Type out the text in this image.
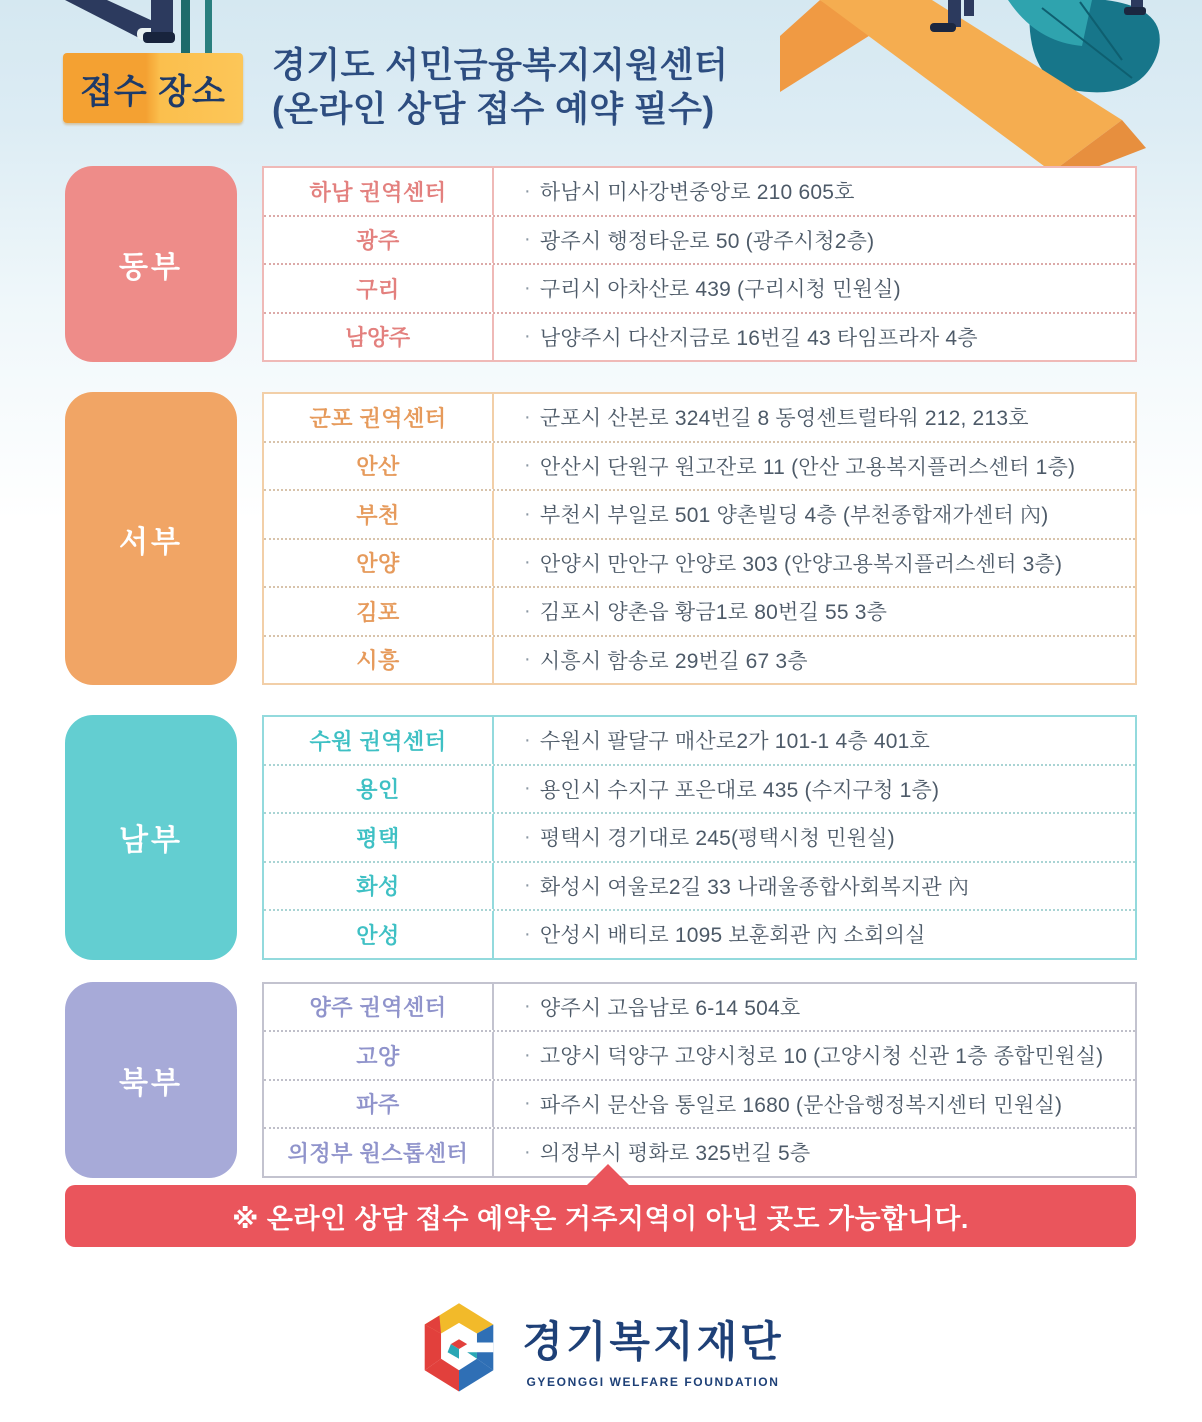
접수 장소
경기도 서민금융복지지원센터
(온라인 상담 접수 예약 필수)
동부
하남 권역센터	· 하남시 미사강변중앙로 210 605호
광주	· 광주시 행정타운로 50 (광주시청2층)
구리	· 구리시 아차산로 439 (구리시청 민원실)
남양주	· 남양주시 다산지금로 16번길 43 타임프라자 4층
서부
군포 권역센터	· 군포시 산본로 324번길 8 동영센트럴타워 212, 213호
안산	· 안산시 단원구 원고잔로 11 (안산 고용복지플러스센터 1층)
부천	· 부천시 부일로 501 양촌빌딩 4층 (부천종합재가센터 內)
안양	· 안양시 만안구 안양로 303 (안양고용복지플러스센터 3층)
김포	· 김포시 양촌읍 황금1로 80번길 55 3층
시흥	· 시흥시 함송로 29번길 67 3층
남부
수원 권역센터	· 수원시 팔달구 매산로2가 101-1 4층 401호
용인	· 용인시 수지구 포은대로 435 (수지구청 1층)
평택	· 평택시 경기대로 245(평택시청 민원실)
화성	· 화성시 여울로2길 33 나래울종합사회복지관 內
안성	· 안성시 배티로 1095 보훈회관 內 소회의실
북부
양주 권역센터	· 양주시 고읍남로 6-14 504호
고양	· 고양시 덕양구 고양시청로 10 (고양시청 신관 1층 종합민원실)
파주	· 파주시 문산읍 통일로 1680 (문산읍행정복지센터 민원실)
의정부 원스톱센터	· 의정부시 평화로 325번길 5층
※ 온라인 상담 접수 예약은 거주지역이 아닌 곳도 가능합니다.
경기복지재단
GYEONGGI WELFARE FOUNDATION
